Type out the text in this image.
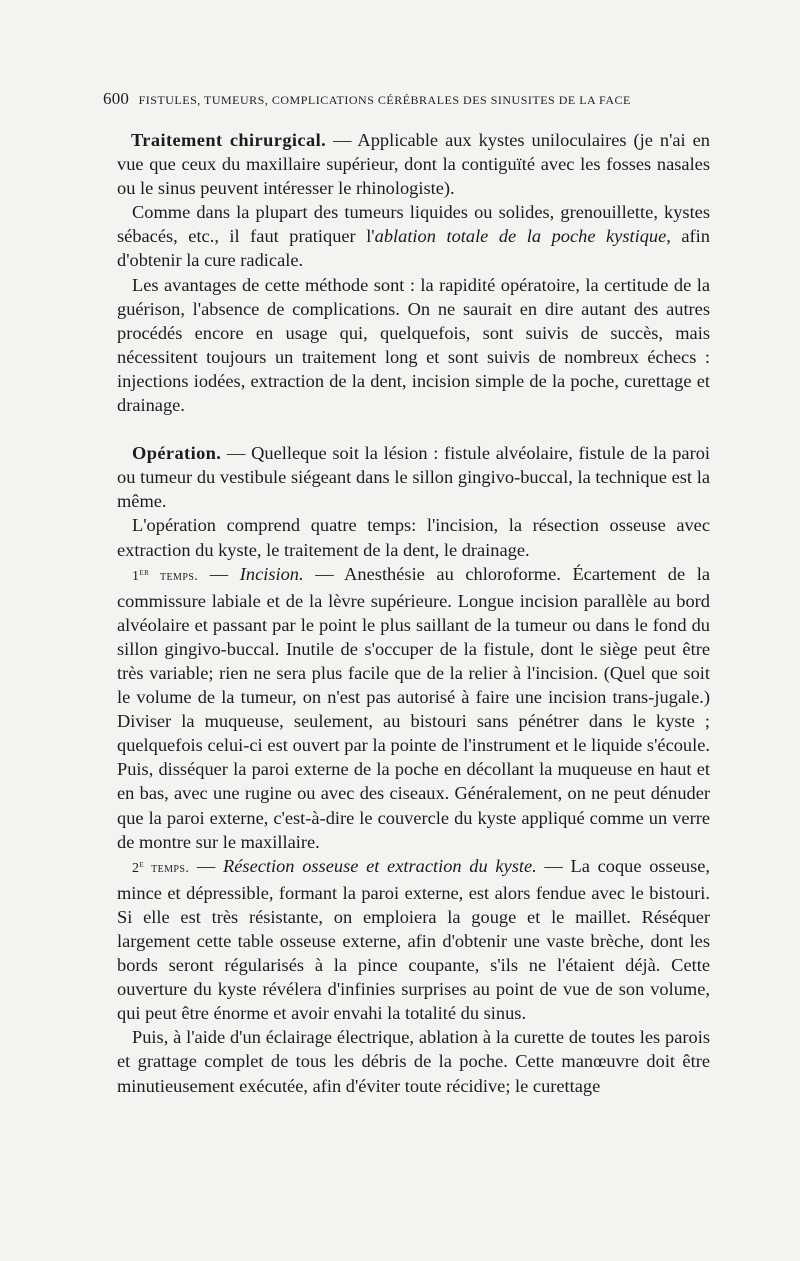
600 FISTULES, TUMEURS, COMPLICATIONS CÉRÉBRALES DES SINUSITES DE LA FACE

Traitement chirurgical. — Applicable aux kystes uniloculaires (je n'ai en vue que ceux du maxillaire supérieur, dont la contiguïté avec les fosses nasales ou le sinus peuvent intéresser le rhinologiste).

Comme dans la plupart des tumeurs liquides ou solides, grenouillette, kystes sébacés, etc., il faut pratiquer l'ablation totale de la poche kystique, afin d'obtenir la cure radicale.

Les avantages de cette méthode sont : la rapidité opératoire, la certitude de la guérison, l'absence de complications. On ne saurait en dire autant des autres procédés encore en usage qui, quelquefois, sont suivis de succès, mais nécessitent toujours un traitement long et sont suivis de nombreux échecs : injections iodées, extraction de la dent, incision simple de la poche, curettage et drainage.

Opération. — Quelleque soit la lésion : fistule alvéolaire, fistule de la paroi ou tumeur du vestibule siégeant dans le sillon gingivo-buccal, la technique est la même.

L'opération comprend quatre temps: l'incision, la résection osseuse avec extraction du kyste, le traitement de la dent, le drainage.

1er temps. — Incision. — Anesthésie au chloroforme. Écartement de la commissure labiale et de la lèvre supérieure. Longue incision parallèle au bord alvéolaire et passant par le point le plus saillant de la tumeur ou dans le fond du sillon gingivo-buccal. Inutile de s'occuper de la fistule, dont le siège peut être très variable; rien ne sera plus facile que de la relier à l'incision. (Quel que soit le volume de la tumeur, on n'est pas autorisé à faire une incision trans-jugale.) Diviser la muqueuse, seulement, au bistouri sans pénétrer dans le kyste ; quelquefois celui-ci est ouvert par la pointe de l'instrument et le liquide s'écoule. Puis, disséquer la paroi externe de la poche en décollant la muqueuse en haut et en bas, avec une rugine ou avec des ciseaux. Généralement, on ne peut dénuder que la paroi externe, c'est-à-dire le couvercle du kyste appliqué comme un verre de montre sur le maxillaire.

2e temps. — Résection osseuse et extraction du kyste. — La coque osseuse, mince et dépressible, formant la paroi externe, est alors fendue avec le bistouri. Si elle est très résistante, on emploiera la gouge et le maillet. Réséquer largement cette table osseuse externe, afin d'obtenir une vaste brèche, dont les bords seront régularisés à la pince coupante, s'ils ne l'étaient déjà. Cette ouverture du kyste révélera d'infinies surprises au point de vue de son volume, qui peut être énorme et avoir envahi la totalité du sinus.

Puis, à l'aide d'un éclairage électrique, ablation à la curette de toutes les parois et grattage complet de tous les débris de la poche. Cette manœuvre doit être minutieusement exécutée, afin d'éviter toute récidive; le curettage
